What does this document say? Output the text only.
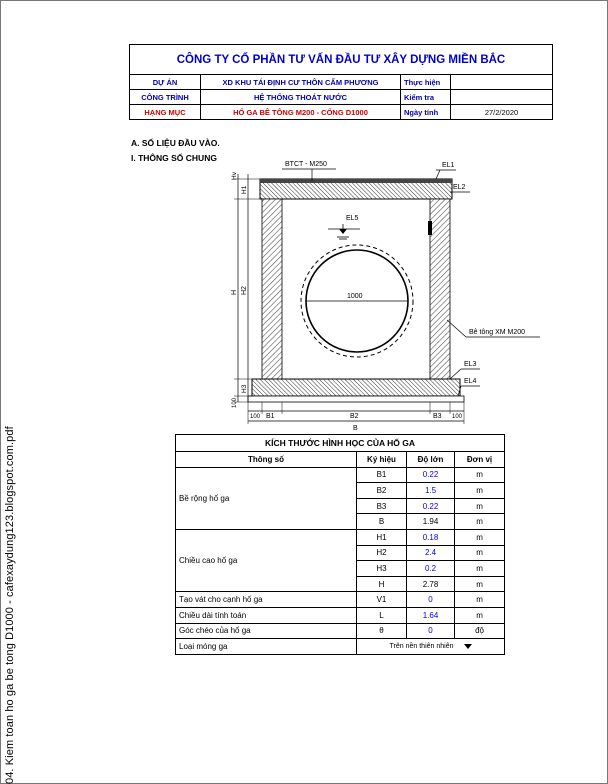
04. Kiem toan ho ga be tong D1000 - cafexaydung123.blogspot.com.pdf
CÔNG TY CỔ PHẦN TƯ VẤN ĐẦU TƯ XÂY DỰNG MIỀN BẮC			
DỰ ÁN	XD KHU TÁI ĐỊNH CƯ THÔN CẨM PHƯƠNG	Thực hiện	
CÔNG TRÌNH	HỆ THỐNG THOÁT NƯỚC	Kiểm tra	
HẠNG MỤC	HỐ GA BÊ TÔNG M200 - CỐNG D1000	Ngày tính	27/2/2020
A. SỐ LIỆU ĐẦU VÀO.
I. THÔNG SỐ CHUNG
EL5
1000
BTCT - M250	EL1
EL2
Bê tông XM M200
EL3
EL4
Hv
H1
H H2
H3
100
100 B1	B2	B3 100
B
KÍCH THƯỚC HÌNH HỌC CỦA HỐ GA			
Thông số	Ký hiệu	Độ lớn	Đơn vị
Bề rộng hố ga	B1	0.22	m
	B2	1.5	m
	B3	0.22	m
	B	1.94	m
Chiều cao hố ga	H1	0.18	m
	H2	2.4	m
	H3	0.2	m
	H	2.78	m
Tạo vát cho cạnh hố ga	V1	0	m
Chiều dài tính toán	L	1.64	m
Góc chéo của hố ga	θ	0	độ
Loại móng ga	Trên nền thiên nhiên		
